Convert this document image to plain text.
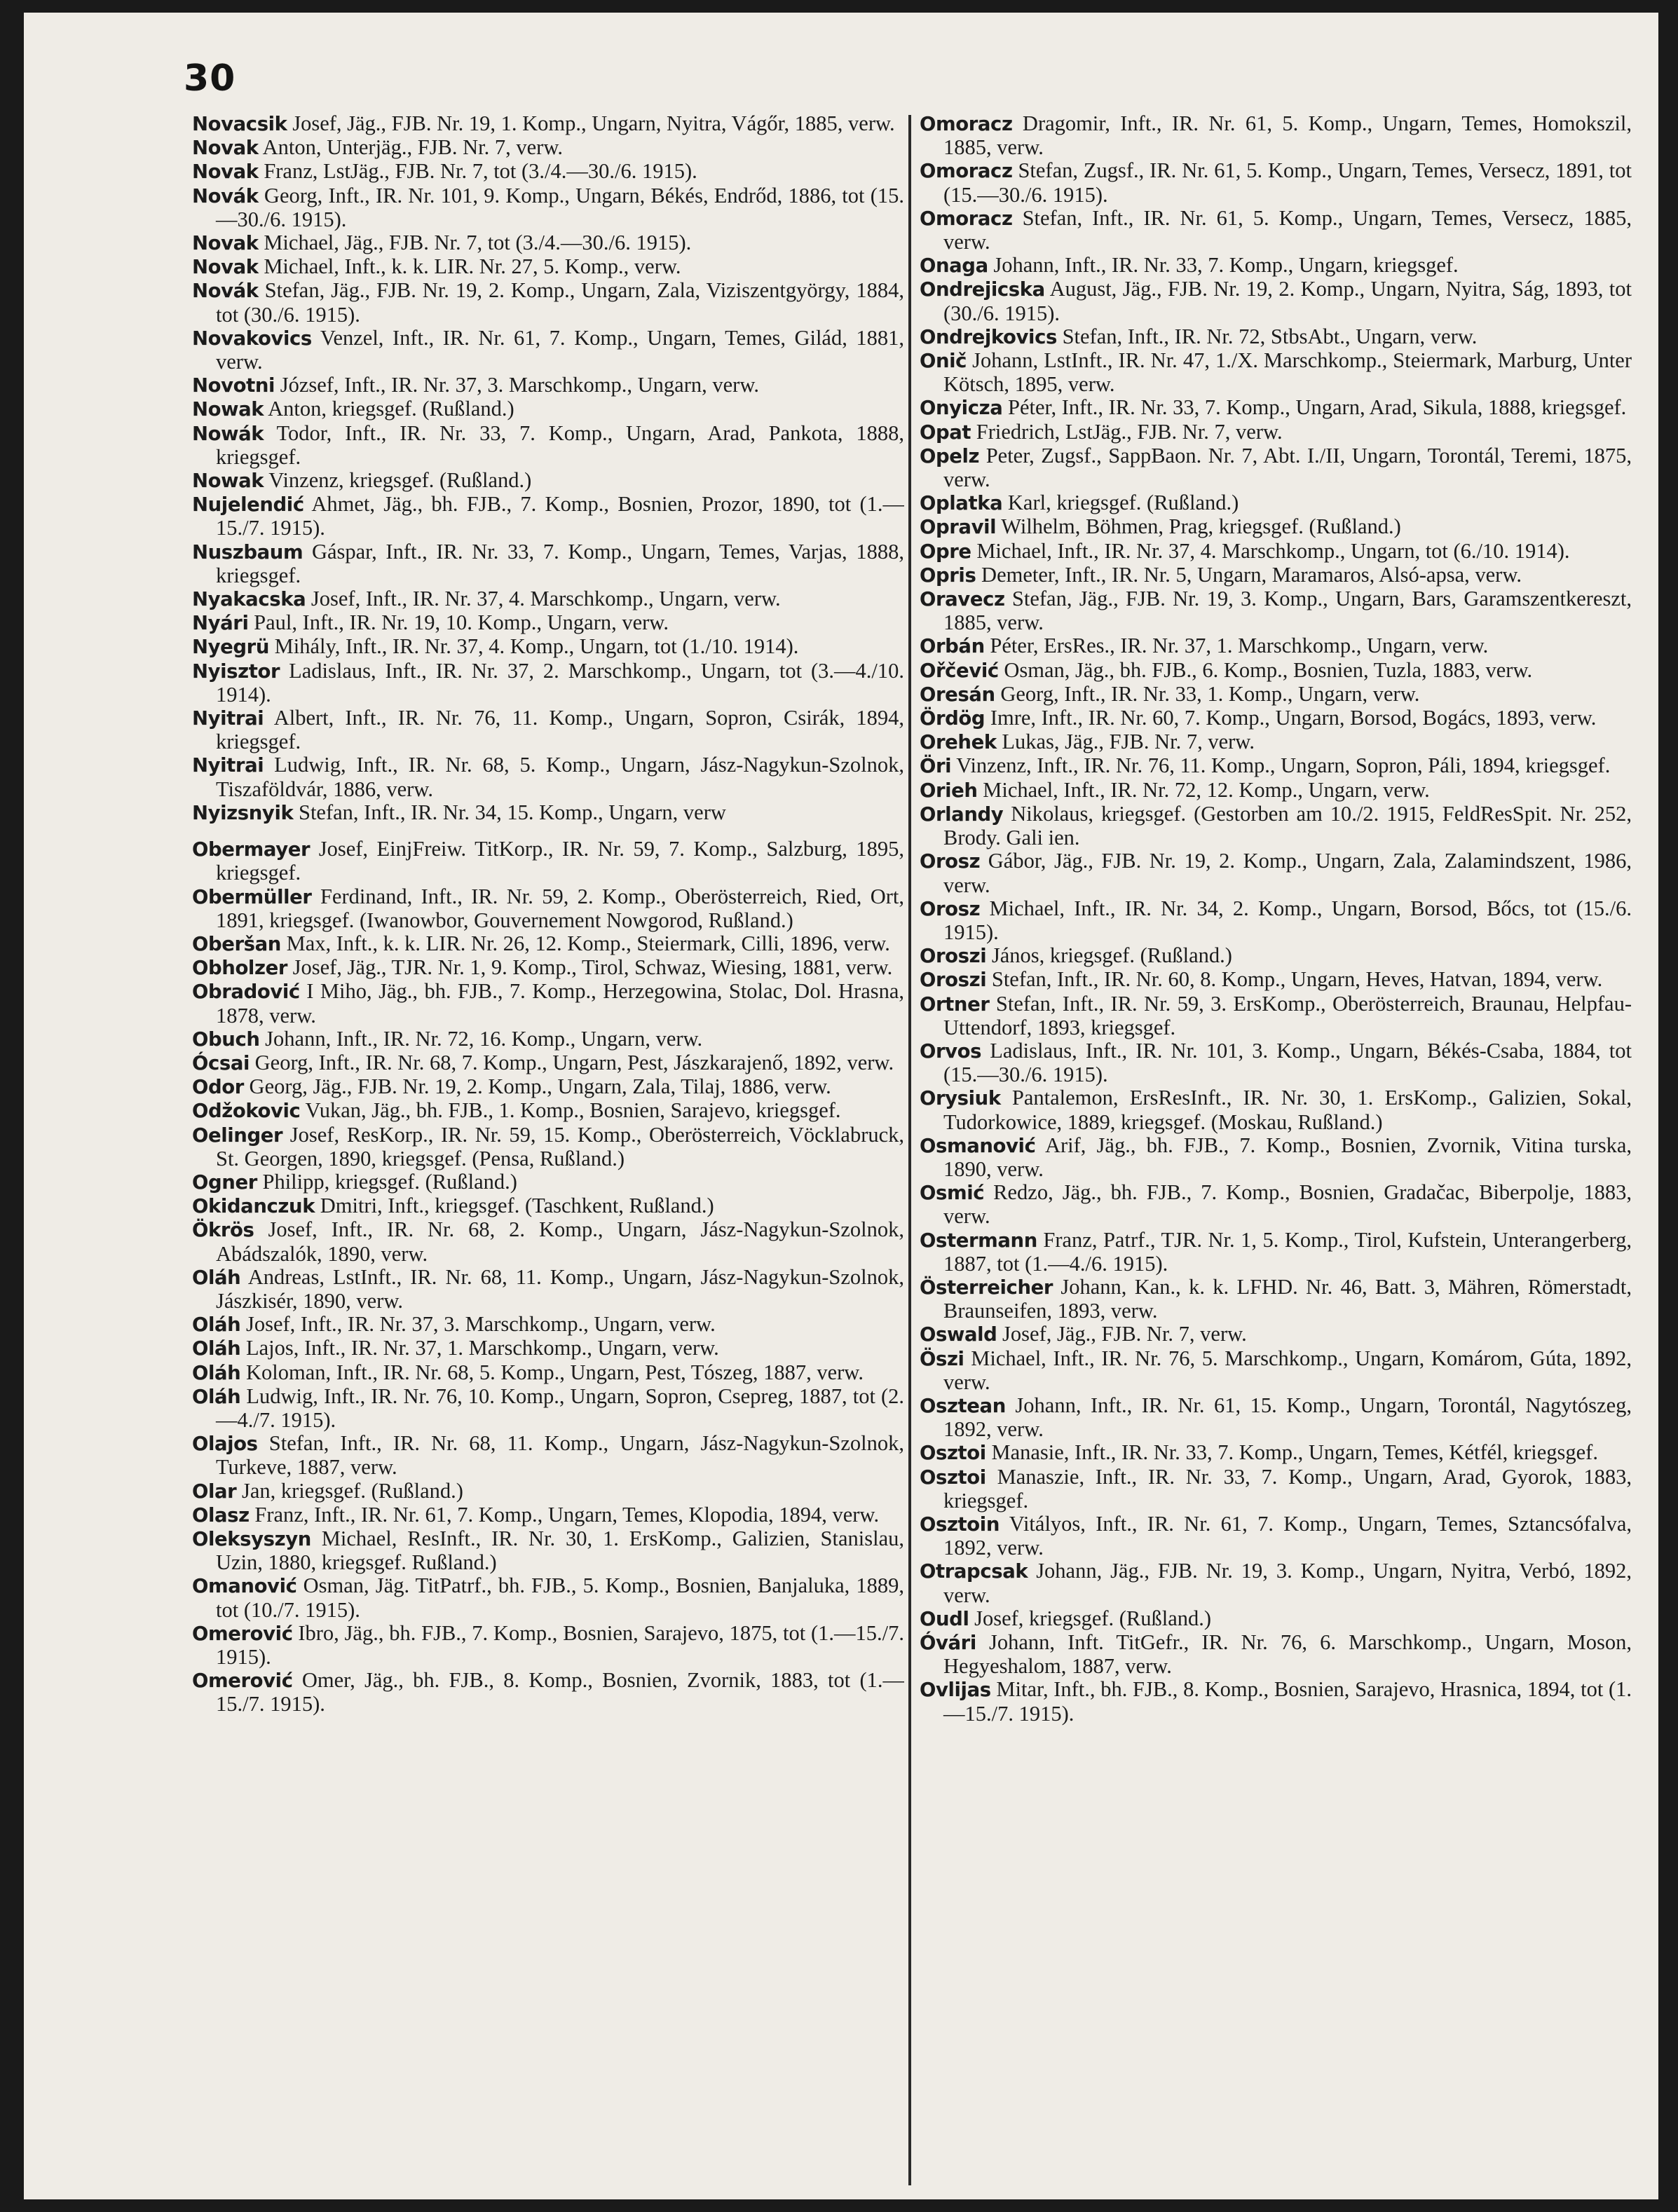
30

Novacsik Josef, Jäg., FJB. Nr. 19, 1. Komp., Ungarn, Nyitra, Vágőr, 1885, verw.

Novak Anton, Unterjäg., FJB. Nr. 7, verw.

Novak Franz, LstJäg., FJB. Nr. 7, tot (3./4.—30./6. 1915).

Novák Georg, Inft., IR. Nr. 101, 9. Komp., Ungarn, Békés, Endrőd, 1886, tot (15.—30./6. 1915).

Novak Michael, Jäg., FJB. Nr. 7, tot (3./4.—30./6. 1915).

Novak Michael, Inft., k. k. LIR. Nr. 27, 5. Komp., verw.

Novák Stefan, Jäg., FJB. Nr. 19, 2. Komp., Ungarn, Zala, Viziszentgyörgy, 1884, tot (30./6. 1915).

Novakovics Venzel, Inft., IR. Nr. 61, 7. Komp., Ungarn, Temes, Gilád, 1881, verw.

Novotni József, Inft., IR. Nr. 37, 3. Marschkomp., Ungarn, verw.

Nowak Anton, kriegsgef. (Rußland.)

Nowák Todor, Inft., IR. Nr. 33, 7. Komp., Ungarn, Arad, Pankota, 1888, kriegsgef.

Nowak Vinzenz, kriegsgef. (Rußland.)

Nujelendić Ahmet, Jäg., bh. FJB., 7. Komp., Bosnien, Prozor, 1890, tot (1.—15./7. 1915).

Nuszbaum Gáspar, Inft., IR. Nr. 33, 7. Komp., Ungarn, Temes, Varjas, 1888, kriegsgef.

Nyakacska Josef, Inft., IR. Nr. 37, 4. Marschkomp., Ungarn, verw.

Nyári Paul, Inft., IR. Nr. 19, 10. Komp., Ungarn, verw.

Nyegrü Mihály, Inft., IR. Nr. 37, 4. Komp., Ungarn, tot (1./10. 1914).

Nyisztor Ladislaus, Inft., IR. Nr. 37, 2. Marschkomp., Ungarn, tot (3.—4./10. 1914).

Nyitrai Albert, Inft., IR. Nr. 76, 11. Komp., Ungarn, Sopron, Csirák, 1894, kriegsgef.

Nyitrai Ludwig, Inft., IR. Nr. 68, 5. Komp., Ungarn, Jász-Nagykun-Szolnok, Tiszaföldvár, 1886, verw.

Nyizsnyik Stefan, Inft., IR. Nr. 34, 15. Komp., Ungarn, verw

Obermayer Josef, EinjFreiw. TitKorp., IR. Nr. 59, 7. Komp., Salzburg, 1895, kriegsgef.

Obermüller Ferdinand, Inft., IR. Nr. 59, 2. Komp., Oberösterreich, Ried, Ort, 1891, kriegsgef. (Iwanowbor, Gouvernement Nowgorod, Rußland.)

Oberšan Max, Inft., k. k. LIR. Nr. 26, 12. Komp., Steiermark, Cilli, 1896, verw.

Obholzer Josef, Jäg., TJR. Nr. 1, 9. Komp., Tirol, Schwaz, Wiesing, 1881, verw.

Obradović I Miho, Jäg., bh. FJB., 7. Komp., Herzegowina, Stolac, Dol. Hrasna, 1878, verw.

Obuch Johann, Inft., IR. Nr. 72, 16. Komp., Ungarn, verw.

Ócsai Georg, Inft., IR. Nr. 68, 7. Komp., Ungarn, Pest, Jászkarajenő, 1892, verw.

Odor Georg, Jäg., FJB. Nr. 19, 2. Komp., Ungarn, Zala, Tilaj, 1886, verw.

Odžokovic Vukan, Jäg., bh. FJB., 1. Komp., Bosnien, Sarajevo, kriegsgef.

Oelinger Josef, ResKorp., IR. Nr. 59, 15. Komp., Oberösterreich, Vöcklabruck, St. Georgen, 1890, kriegsgef. (Pensa, Rußland.)

Ogner Philipp, kriegsgef. (Rußland.)

Okidanczuk Dmitri, Inft., kriegsgef. (Taschkent, Rußland.)

Ökrös Josef, Inft., IR. Nr. 68, 2. Komp., Ungarn, Jász-Nagykun-Szolnok, Abádszalók, 1890, verw.

Oláh Andreas, LstInft., IR. Nr. 68, 11. Komp., Ungarn, Jász-Nagykun-Szolnok, Jászkisér, 1890, verw.

Oláh Josef, Inft., IR. Nr. 37, 3. Marschkomp., Ungarn, verw.

Oláh Lajos, Inft., IR. Nr. 37, 1. Marschkomp., Ungarn, verw.

Oláh Koloman, Inft., IR. Nr. 68, 5. Komp., Ungarn, Pest, Tószeg, 1887, verw.

Oláh Ludwig, Inft., IR. Nr. 76, 10. Komp., Ungarn, Sopron, Csepreg, 1887, tot (2.—4./7. 1915).

Olajos Stefan, Inft., IR. Nr. 68, 11. Komp., Ungarn, Jász-Nagykun-Szolnok, Turkeve, 1887, verw.

Olar Jan, kriegsgef. (Rußland.)

Olasz Franz, Inft., IR. Nr. 61, 7. Komp., Ungarn, Temes, Klopodia, 1894, verw.

Oleksyszyn Michael, ResInft., IR. Nr. 30, 1. ErsKomp., Galizien, Stanislau, Uzin, 1880, kriegsgef. Rußland.)

Omanović Osman, Jäg. TitPatrf., bh. FJB., 5. Komp., Bosnien, Banjaluka, 1889, tot (10./7. 1915).

Omerović Ibro, Jäg., bh. FJB., 7. Komp., Bosnien, Sarajevo, 1875, tot (1.—15./7. 1915).

Omerović Omer, Jäg., bh. FJB., 8. Komp., Bosnien, Zvornik, 1883, tot (1.—15./7. 1915).

Omoracz Dragomir, Inft., IR. Nr. 61, 5. Komp., Ungarn, Temes, Homokszil, 1885, verw.

Omoracz Stefan, Zugsf., IR. Nr. 61, 5. Komp., Ungarn, Temes, Versecz, 1891, tot (15.—30./6. 1915).

Omoracz Stefan, Inft., IR. Nr. 61, 5. Komp., Ungarn, Temes, Versecz, 1885, verw.

Onaga Johann, Inft., IR. Nr. 33, 7. Komp., Ungarn, kriegsgef.

Ondrejicska August, Jäg., FJB. Nr. 19, 2. Komp., Ungarn, Nyitra, Ság, 1893, tot (30./6. 1915).

Ondrejkovics Stefan, Inft., IR. Nr. 72, StbsAbt., Ungarn, verw.

Onič Johann, LstInft., IR. Nr. 47, 1./X. Marschkomp., Steiermark, Marburg, Unter Kötsch, 1895, verw.

Onyicza Péter, Inft., IR. Nr. 33, 7. Komp., Ungarn, Arad, Sikula, 1888, kriegsgef.

Opat Friedrich, LstJäg., FJB. Nr. 7, verw.

Opelz Peter, Zugsf., SappBaon. Nr. 7, Abt. I./II, Ungarn, Torontál, Teremi, 1875, verw.

Oplatka Karl, kriegsgef. (Rußland.)

Opravil Wilhelm, Böhmen, Prag, kriegsgef. (Rußland.)

Opre Michael, Inft., IR. Nr. 37, 4. Marschkomp., Ungarn, tot (6./10. 1914).

Opris Demeter, Inft., IR. Nr. 5, Ungarn, Maramaros, Alsó-apsa, verw.

Oravecz Stefan, Jäg., FJB. Nr. 19, 3. Komp., Ungarn, Bars, Garamszentkereszt, 1885, verw.

Orbán Péter, ErsRes., IR. Nr. 37, 1. Marschkomp., Ungarn, verw.

Ořčević Osman, Jäg., bh. FJB., 6. Komp., Bosnien, Tuzla, 1883, verw.

Oresán Georg, Inft., IR. Nr. 33, 1. Komp., Ungarn, verw.

Ördög Imre, Inft., IR. Nr. 60, 7. Komp., Ungarn, Borsod, Bogács, 1893, verw.

Orehek Lukas, Jäg., FJB. Nr. 7, verw.

Öri Vinzenz, Inft., IR. Nr. 76, 11. Komp., Ungarn, Sopron, Páli, 1894, kriegsgef.

Orieh Michael, Inft., IR. Nr. 72, 12. Komp., Ungarn, verw.

Orlandy Nikolaus, kriegsgef. (Gestorben am 10./2. 1915, FeldResSpit. Nr. 252, Brody. Gali ien.

Orosz Gábor, Jäg., FJB. Nr. 19, 2. Komp., Ungarn, Zala, Zalamindszent, 1986, verw.

Orosz Michael, Inft., IR. Nr. 34, 2. Komp., Ungarn, Borsod, Bőcs, tot (15./6. 1915).

Oroszi János, kriegsgef. (Rußland.)

Oroszi Stefan, Inft., IR. Nr. 60, 8. Komp., Ungarn, Heves, Hatvan, 1894, verw.

Ortner Stefan, Inft., IR. Nr. 59, 3. ErsKomp., Oberösterreich, Braunau, Helpfau-Uttendorf, 1893, kriegsgef.

Orvos Ladislaus, Inft., IR. Nr. 101, 3. Komp., Ungarn, Békés-Csaba, 1884, tot (15.—30./6. 1915).

Orysiuk Pantalemon, ErsResInft., IR. Nr. 30, 1. ErsKomp., Galizien, Sokal, Tudorkowice, 1889, kriegsgef. (Moskau, Rußland.)

Osmanović Arif, Jäg., bh. FJB., 7. Komp., Bosnien, Zvornik, Vitina turska, 1890, verw.

Osmić Redzo, Jäg., bh. FJB., 7. Komp., Bosnien, Gradačac, Biberpolje, 1883, verw.

Ostermann Franz, Patrf., TJR. Nr. 1, 5. Komp., Tirol, Kufstein, Unterangerberg, 1887, tot (1.—4./6. 1915).

Österreicher Johann, Kan., k. k. LFHD. Nr. 46, Batt. 3, Mähren, Römerstadt, Braunseifen, 1893, verw.

Oswald Josef, Jäg., FJB. Nr. 7, verw.

Öszi Michael, Inft., IR. Nr. 76, 5. Marschkomp., Ungarn, Komárom, Gúta, 1892, verw.

Osztean Johann, Inft., IR. Nr. 61, 15. Komp., Ungarn, Torontál, Nagytószeg, 1892, verw.

Osztoi Manasie, Inft., IR. Nr. 33, 7. Komp., Ungarn, Temes, Kétfél, kriegsgef.

Osztoi Manaszie, Inft., IR. Nr. 33, 7. Komp., Ungarn, Arad, Gyorok, 1883, kriegsgef.

Osztoin Vitályos, Inft., IR. Nr. 61, 7. Komp., Ungarn, Temes, Sztancsófalva, 1892, verw.

Otrapcsak Johann, Jäg., FJB. Nr. 19, 3. Komp., Ungarn, Nyitra, Verbó, 1892, verw.

Oudl Josef, kriegsgef. (Rußland.)

Óvári Johann, Inft. TitGefr., IR. Nr. 76, 6. Marschkomp., Ungarn, Moson, Hegyeshalom, 1887, verw.

Ovlijas Mitar, Inft., bh. FJB., 8. Komp., Bosnien, Sarajevo, Hrasnica, 1894, tot (1.—15./7. 1915).
